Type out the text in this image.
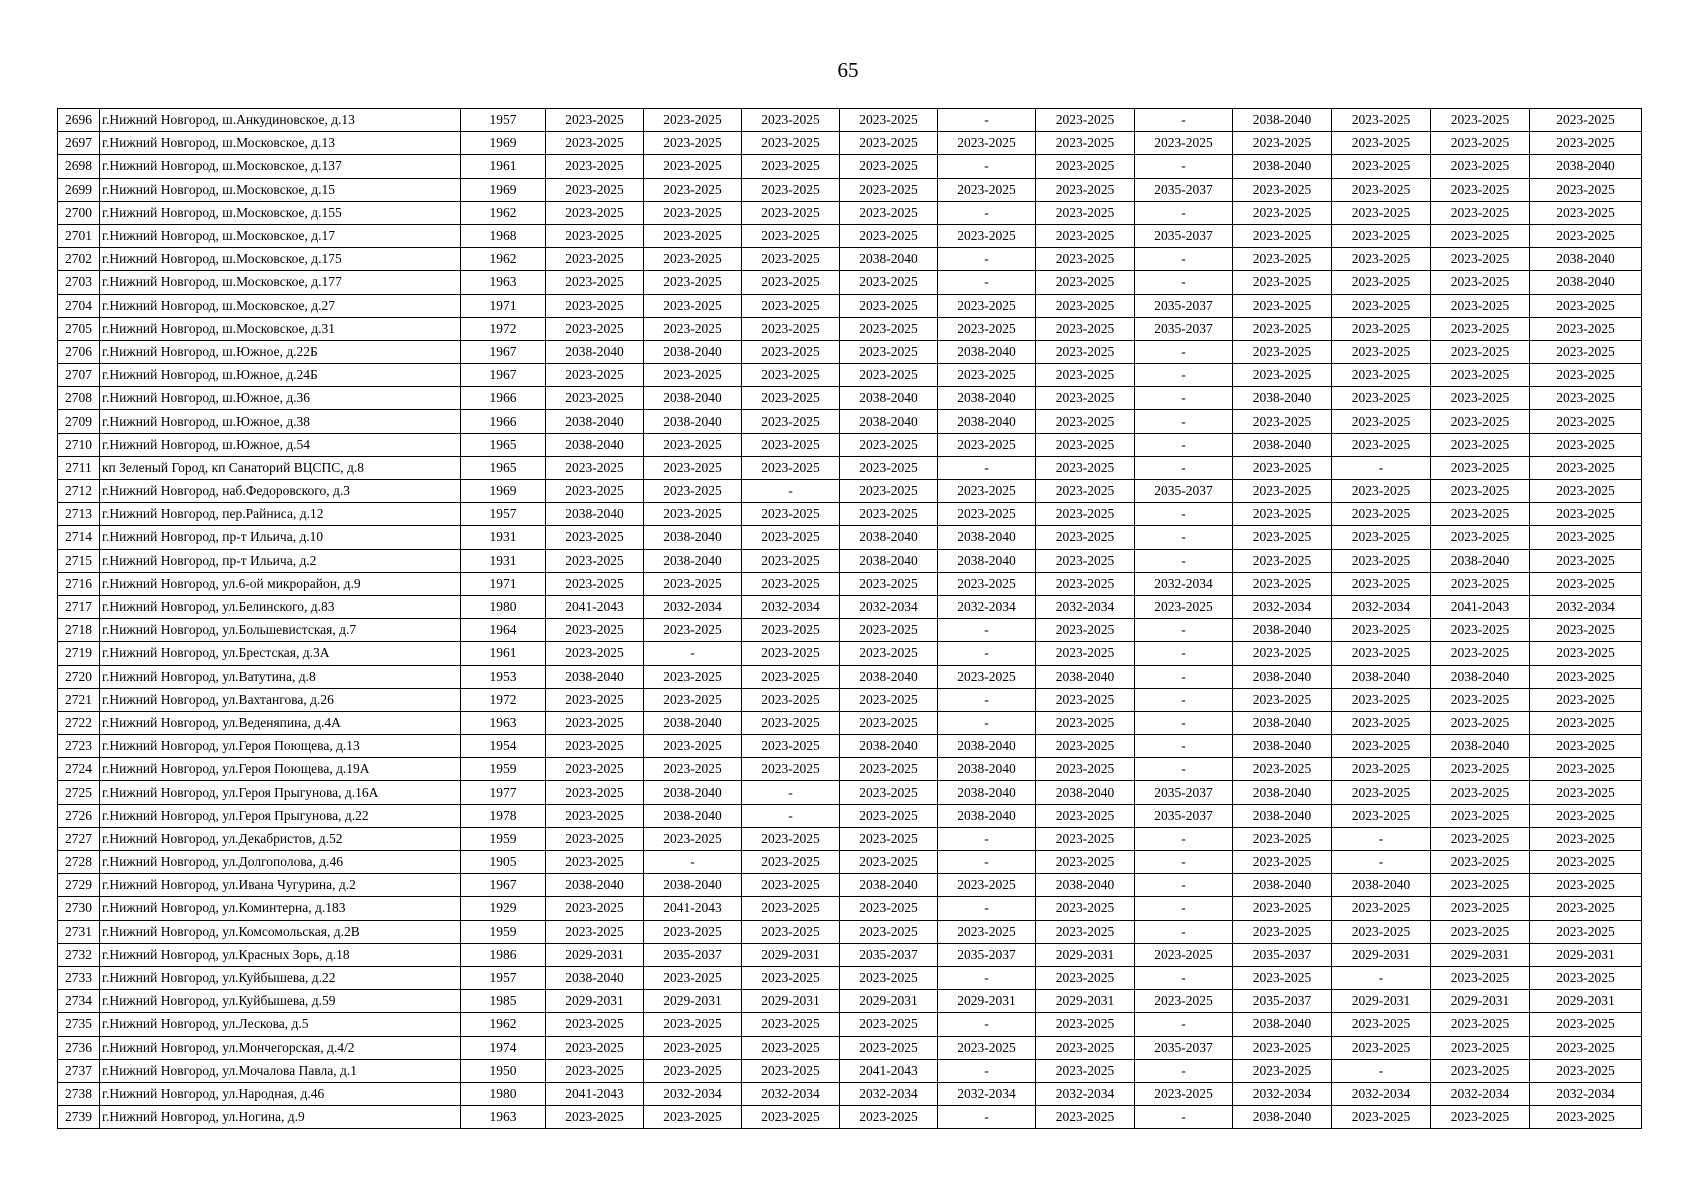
65
2696	г.Нижний Новгород, ш.Анкудиновское, д.13	1957	2023-2025	2023-2025	2023-2025	2023-2025	-	2023-2025	-	2038-2040	2023-2025	2023-2025	2023-2025
2697	г.Нижний Новгород, ш.Московское, д.13	1969	2023-2025	2023-2025	2023-2025	2023-2025	2023-2025	2023-2025	2023-2025	2023-2025	2023-2025	2023-2025	2023-2025
2698	г.Нижний Новгород, ш.Московское, д.137	1961	2023-2025	2023-2025	2023-2025	2023-2025	-	2023-2025	-	2038-2040	2023-2025	2023-2025	2038-2040
2699	г.Нижний Новгород, ш.Московское, д.15	1969	2023-2025	2023-2025	2023-2025	2023-2025	2023-2025	2023-2025	2035-2037	2023-2025	2023-2025	2023-2025	2023-2025
2700	г.Нижний Новгород, ш.Московское, д.155	1962	2023-2025	2023-2025	2023-2025	2023-2025	-	2023-2025	-	2023-2025	2023-2025	2023-2025	2023-2025
2701	г.Нижний Новгород, ш.Московское, д.17	1968	2023-2025	2023-2025	2023-2025	2023-2025	2023-2025	2023-2025	2035-2037	2023-2025	2023-2025	2023-2025	2023-2025
2702	г.Нижний Новгород, ш.Московское, д.175	1962	2023-2025	2023-2025	2023-2025	2038-2040	-	2023-2025	-	2023-2025	2023-2025	2023-2025	2038-2040
2703	г.Нижний Новгород, ш.Московское, д.177	1963	2023-2025	2023-2025	2023-2025	2023-2025	-	2023-2025	-	2023-2025	2023-2025	2023-2025	2038-2040
2704	г.Нижний Новгород, ш.Московское, д.27	1971	2023-2025	2023-2025	2023-2025	2023-2025	2023-2025	2023-2025	2035-2037	2023-2025	2023-2025	2023-2025	2023-2025
2705	г.Нижний Новгород, ш.Московское, д.31	1972	2023-2025	2023-2025	2023-2025	2023-2025	2023-2025	2023-2025	2035-2037	2023-2025	2023-2025	2023-2025	2023-2025
2706	г.Нижний Новгород, ш.Южное, д.22Б	1967	2038-2040	2038-2040	2023-2025	2023-2025	2038-2040	2023-2025	-	2023-2025	2023-2025	2023-2025	2023-2025
2707	г.Нижний Новгород, ш.Южное, д.24Б	1967	2023-2025	2023-2025	2023-2025	2023-2025	2023-2025	2023-2025	-	2023-2025	2023-2025	2023-2025	2023-2025
2708	г.Нижний Новгород, ш.Южное, д.36	1966	2023-2025	2038-2040	2023-2025	2038-2040	2038-2040	2023-2025	-	2038-2040	2023-2025	2023-2025	2023-2025
2709	г.Нижний Новгород, ш.Южное, д.38	1966	2038-2040	2038-2040	2023-2025	2038-2040	2038-2040	2023-2025	-	2023-2025	2023-2025	2023-2025	2023-2025
2710	г.Нижний Новгород, ш.Южное, д.54	1965	2038-2040	2023-2025	2023-2025	2023-2025	2023-2025	2023-2025	-	2038-2040	2023-2025	2023-2025	2023-2025
2711	кп Зеленый Город, кп Санаторий ВЦСПС, д.8	1965	2023-2025	2023-2025	2023-2025	2023-2025	-	2023-2025	-	2023-2025	-	2023-2025	2023-2025
2712	г.Нижний Новгород, наб.Федоровского, д.3	1969	2023-2025	2023-2025	-	2023-2025	2023-2025	2023-2025	2035-2037	2023-2025	2023-2025	2023-2025	2023-2025
2713	г.Нижний Новгород, пер.Райниса, д.12	1957	2038-2040	2023-2025	2023-2025	2023-2025	2023-2025	2023-2025	-	2023-2025	2023-2025	2023-2025	2023-2025
2714	г.Нижний Новгород, пр-т Ильича, д.10	1931	2023-2025	2038-2040	2023-2025	2038-2040	2038-2040	2023-2025	-	2023-2025	2023-2025	2023-2025	2023-2025
2715	г.Нижний Новгород, пр-т Ильича, д.2	1931	2023-2025	2038-2040	2023-2025	2038-2040	2038-2040	2023-2025	-	2023-2025	2023-2025	2038-2040	2023-2025
2716	г.Нижний Новгород, ул.6-ой микрорайон, д.9	1971	2023-2025	2023-2025	2023-2025	2023-2025	2023-2025	2023-2025	2032-2034	2023-2025	2023-2025	2023-2025	2023-2025
2717	г.Нижний Новгород, ул.Белинского, д.83	1980	2041-2043	2032-2034	2032-2034	2032-2034	2032-2034	2032-2034	2023-2025	2032-2034	2032-2034	2041-2043	2032-2034
2718	г.Нижний Новгород, ул.Большевистская, д.7	1964	2023-2025	2023-2025	2023-2025	2023-2025	-	2023-2025	-	2038-2040	2023-2025	2023-2025	2023-2025
2719	г.Нижний Новгород, ул.Брестская, д.3А	1961	2023-2025	-	2023-2025	2023-2025	-	2023-2025	-	2023-2025	2023-2025	2023-2025	2023-2025
2720	г.Нижний Новгород, ул.Ватутина, д.8	1953	2038-2040	2023-2025	2023-2025	2038-2040	2023-2025	2038-2040	-	2038-2040	2038-2040	2038-2040	2023-2025
2721	г.Нижний Новгород, ул.Вахтангова, д.26	1972	2023-2025	2023-2025	2023-2025	2023-2025	-	2023-2025	-	2023-2025	2023-2025	2023-2025	2023-2025
2722	г.Нижний Новгород, ул.Веденяпина, д.4А	1963	2023-2025	2038-2040	2023-2025	2023-2025	-	2023-2025	-	2038-2040	2023-2025	2023-2025	2023-2025
2723	г.Нижний Новгород, ул.Героя Поющева, д.13	1954	2023-2025	2023-2025	2023-2025	2038-2040	2038-2040	2023-2025	-	2038-2040	2023-2025	2038-2040	2023-2025
2724	г.Нижний Новгород, ул.Героя Поющева, д.19А	1959	2023-2025	2023-2025	2023-2025	2023-2025	2038-2040	2023-2025	-	2023-2025	2023-2025	2023-2025	2023-2025
2725	г.Нижний Новгород, ул.Героя Прыгунова, д.16А	1977	2023-2025	2038-2040	-	2023-2025	2038-2040	2038-2040	2035-2037	2038-2040	2023-2025	2023-2025	2023-2025
2726	г.Нижний Новгород, ул.Героя Прыгунова, д.22	1978	2023-2025	2038-2040	-	2023-2025	2038-2040	2023-2025	2035-2037	2038-2040	2023-2025	2023-2025	2023-2025
2727	г.Нижний Новгород, ул.Декабристов, д.52	1959	2023-2025	2023-2025	2023-2025	2023-2025	-	2023-2025	-	2023-2025	-	2023-2025	2023-2025
2728	г.Нижний Новгород, ул.Долгополова, д.46	1905	2023-2025	-	2023-2025	2023-2025	-	2023-2025	-	2023-2025	-	2023-2025	2023-2025
2729	г.Нижний Новгород, ул.Ивана Чугурина, д.2	1967	2038-2040	2038-2040	2023-2025	2038-2040	2023-2025	2038-2040	-	2038-2040	2038-2040	2023-2025	2023-2025
2730	г.Нижний Новгород, ул.Коминтерна, д.183	1929	2023-2025	2041-2043	2023-2025	2023-2025	-	2023-2025	-	2023-2025	2023-2025	2023-2025	2023-2025
2731	г.Нижний Новгород, ул.Комсомольская, д.2В	1959	2023-2025	2023-2025	2023-2025	2023-2025	2023-2025	2023-2025	-	2023-2025	2023-2025	2023-2025	2023-2025
2732	г.Нижний Новгород, ул.Красных Зорь, д.18	1986	2029-2031	2035-2037	2029-2031	2035-2037	2035-2037	2029-2031	2023-2025	2035-2037	2029-2031	2029-2031	2029-2031
2733	г.Нижний Новгород, ул.Куйбышева, д.22	1957	2038-2040	2023-2025	2023-2025	2023-2025	-	2023-2025	-	2023-2025	-	2023-2025	2023-2025
2734	г.Нижний Новгород, ул.Куйбышева, д.59	1985	2029-2031	2029-2031	2029-2031	2029-2031	2029-2031	2029-2031	2023-2025	2035-2037	2029-2031	2029-2031	2029-2031
2735	г.Нижний Новгород, ул.Лескова, д.5	1962	2023-2025	2023-2025	2023-2025	2023-2025	-	2023-2025	-	2038-2040	2023-2025	2023-2025	2023-2025
2736	г.Нижний Новгород, ул.Мончегорская, д.4/2	1974	2023-2025	2023-2025	2023-2025	2023-2025	2023-2025	2023-2025	2035-2037	2023-2025	2023-2025	2023-2025	2023-2025
2737	г.Нижний Новгород, ул.Мочалова Павла, д.1	1950	2023-2025	2023-2025	2023-2025	2041-2043	-	2023-2025	-	2023-2025	-	2023-2025	2023-2025
2738	г.Нижний Новгород, ул.Народная, д.46	1980	2041-2043	2032-2034	2032-2034	2032-2034	2032-2034	2032-2034	2023-2025	2032-2034	2032-2034	2032-2034	2032-2034
2739	г.Нижний Новгород, ул.Ногина, д.9	1963	2023-2025	2023-2025	2023-2025	2023-2025	-	2023-2025	-	2038-2040	2023-2025	2023-2025	2023-2025
